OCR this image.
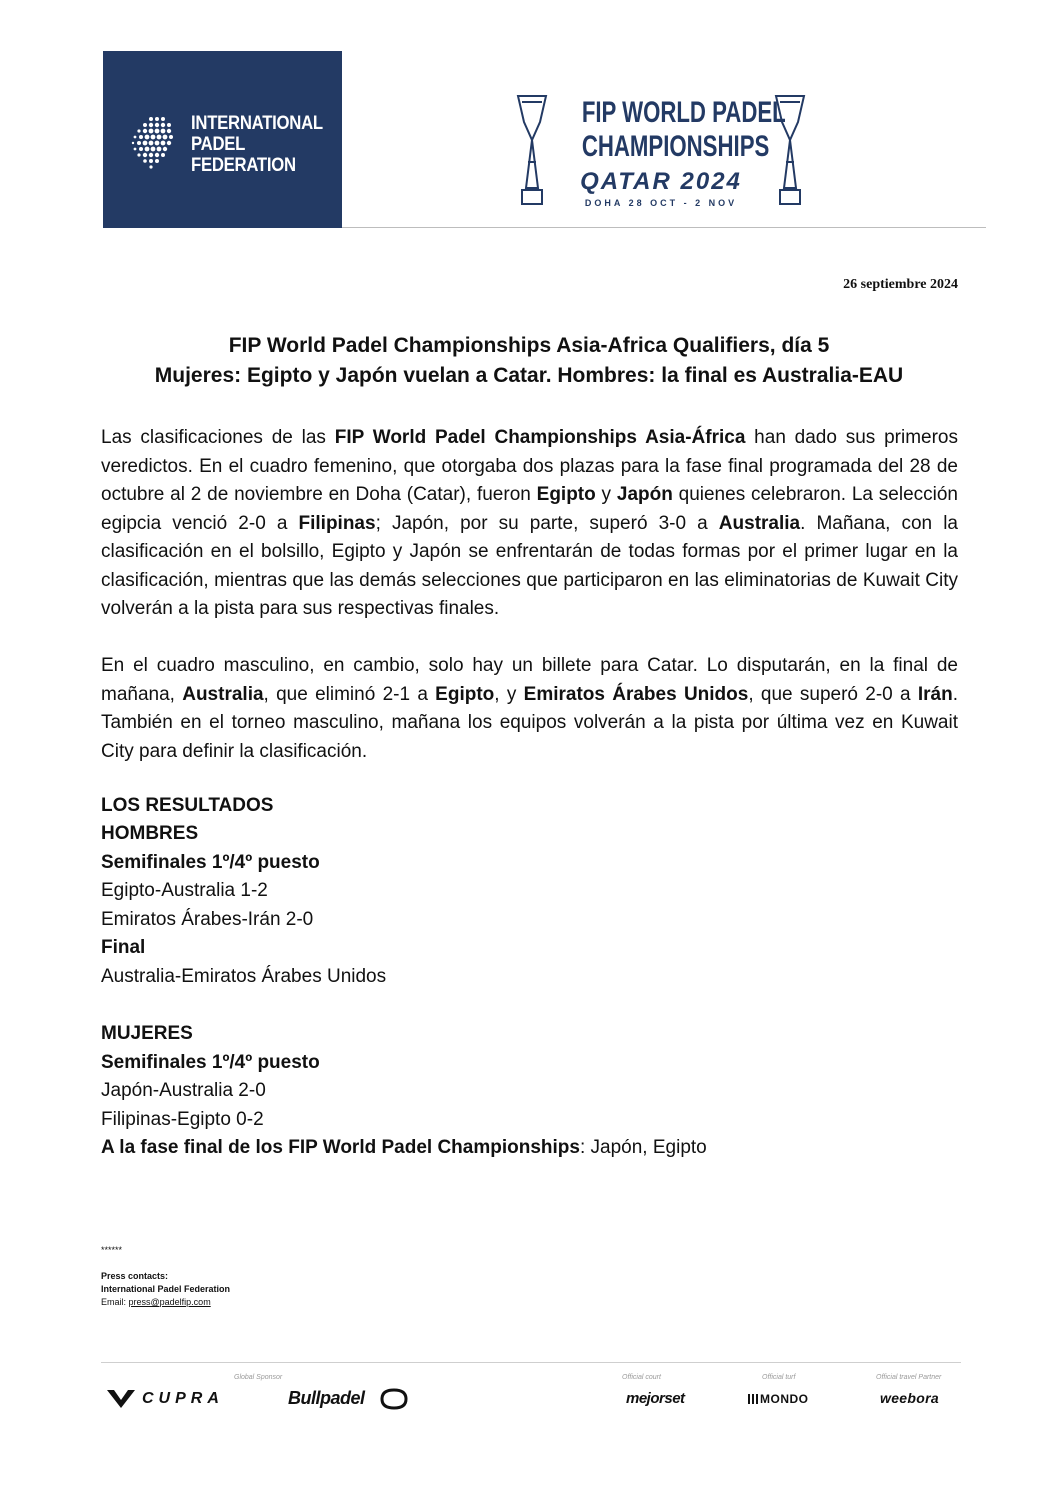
INTERNATIONAL
PADEL
FEDERATION
FIP WORLD PADEL
CHAMPIONSHIPS
QATAR 2024
DOHA 28 OCT - 2 NOV
26 septiembre 2024
FIP World Padel Championships Asia-Africa Qualifiers, día 5
Mujeres: Egipto y Japón vuelan a Catar. Hombres: la final es Australia-EAU
Las clasificaciones de las FIP World Padel Championships Asia-África han dado sus primeros veredictos. En el cuadro femenino, que otorgaba dos plazas para la fase final programada del 28 de octubre al 2 de noviembre en Doha (Catar), fueron Egipto y Japón quienes celebraron. La selección egipcia venció 2-0 a Filipinas; Japón, por su parte, superó 3-0 a Australia. Mañana, con la clasificación en el bolsillo, Egipto y Japón se enfrentarán de todas formas por el primer lugar en la clasificación, mientras que las demás selecciones que participaron en las eliminatorias de Kuwait City volverán a la pista para sus respectivas finales.
En el cuadro masculino, en cambio, solo hay un billete para Catar. Lo disputarán, en la final de mañana, Australia, que eliminó 2-1 a Egipto, y Emiratos Árabes Unidos, que superó 2-0 a Irán. También en el torneo masculino, mañana los equipos volverán a la pista por última vez en Kuwait City para definir la clasificación.
LOS RESULTADOS
HOMBRES
Semifinales 1º/4º puesto
Egipto-Australia 1-2
Emiratos Árabes-Irán 2-0
Final
Australia-Emiratos Árabes Unidos
MUJERES
Semifinales 1º/4º puesto
Japón-Australia 2-0
Filipinas-Egipto 0-2
A la fase final de los FIP World Padel Championships: Japón, Egipto
******
Press contacts:
International Padel Federation
Email: press@padelfip.com
Global Sponsor
CUPRA	Bullpadel
Official court
mejorset
Official turf
MONDO
Official travel Partner
weebora
